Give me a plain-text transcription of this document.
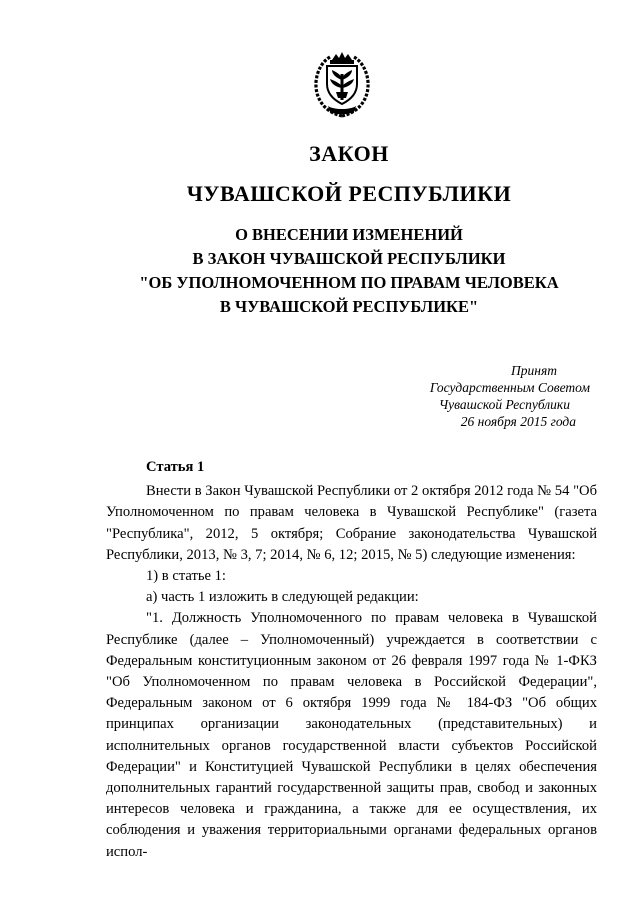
ЗАКОН
ЧУВАШСКОЙ РЕСПУБЛИКИ
О ВНЕСЕНИИ ИЗМЕНЕНИЙ
В ЗАКОН ЧУВАШСКОЙ РЕСПУБЛИКИ
"ОБ УПОЛНОМОЧЕННОМ ПО ПРАВАМ ЧЕЛОВЕКА
В ЧУВАШСКОЙ РЕСПУБЛИКЕ"
Принят
Государственным Советом
Чувашской Республики
26 ноября 2015 года

Статья 1

Внести в Закон Чувашской Республики от 2 октября 2012 года № 54 "Об Уполномоченном по правам человека в Чувашской Республике" (газета "Республика", 2012, 5 октября; Собрание законодательства Чувашской Республики, 2013, № 3, 7; 2014, № 6, 12; 2015, № 5) следующие изменения:

1) в статье 1:

а) часть 1 изложить в следующей редакции:

"1. Должность Уполномоченного по правам человека в Чувашской Республике (далее – Уполномоченный) учреждается в соответствии с Федеральным конституционным законом от 26 февраля 1997 года № 1-ФКЗ "Об Уполномоченном по правам человека в Российской Федерации", Федеральным законом от 6 октября 1999 года № 184-ФЗ "Об общих принципах организации законодательных (представительных) и исполнительных органов государственной власти субъектов Российской Федерации" и Конституцией Чувашской Республики в целях обеспечения дополнительных гарантий государственной защиты прав, свобод и законных интересов человека и гражданина, а также для ее осуществления, их соблюдения и уважения территориальными органами федеральных органов испол-
